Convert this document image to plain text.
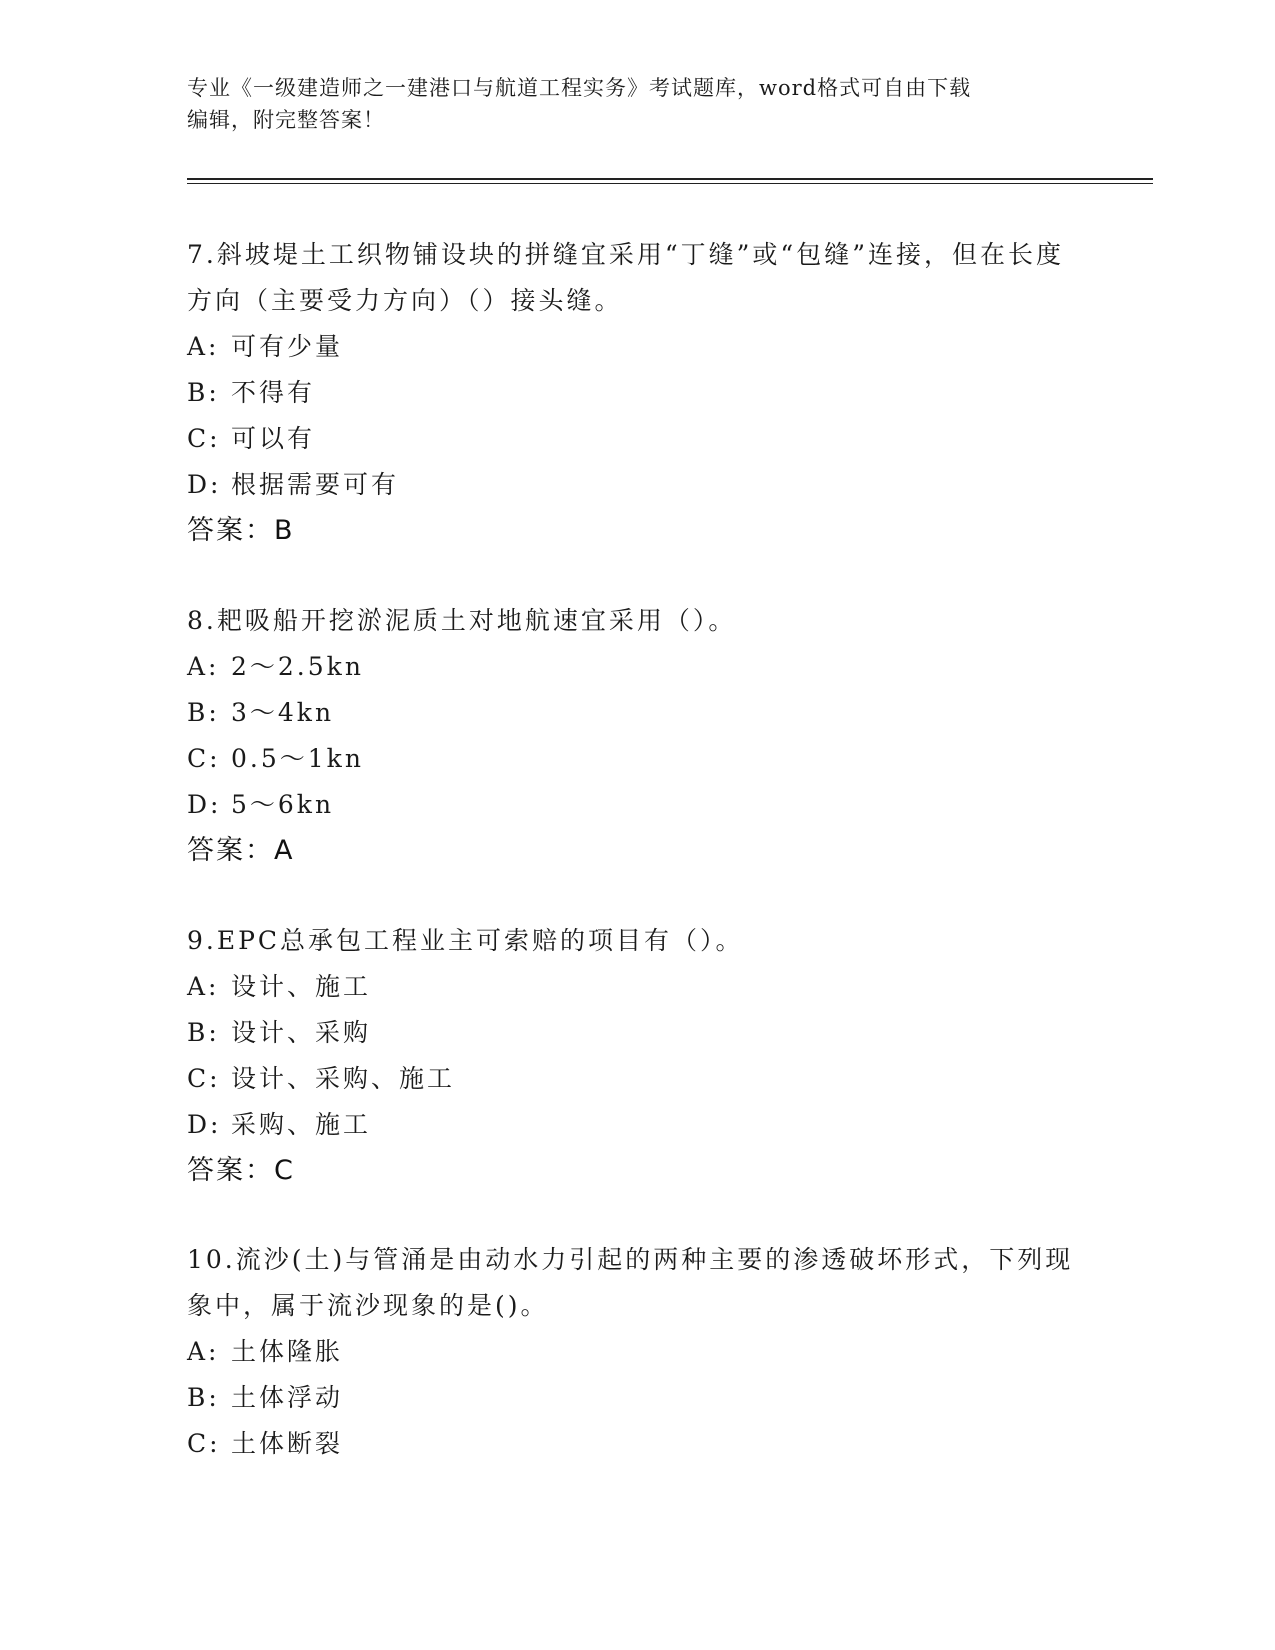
专业《一级建造师之一建港口与航道工程实务》考试题库，word格式可自由下载
编辑，附完整答案！

7.斜坡堤土工织物铺设块的拼缝宜采用“丁缝”或“包缝”连接，但在长度方向（主要受力方向）（）接头缝。

A: 可有少量

B: 不得有

C: 可以有

D: 根据需要可有

答案：B

8.耙吸船开挖淤泥质土对地航速宜采用（）。

A: 2～2.5kn

B: 3～4kn

C: 0.5～1kn

D: 5～6kn

答案：A

9.EPC总承包工程业主可索赔的项目有（）。

A: 设计、施工

B: 设计、采购

C: 设计、采购、施工

D: 采购、施工

答案：C

10.流沙(土)与管涌是由动水力引起的两种主要的渗透破坏形式，下列现象中，属于流沙现象的是()。

A: 土体隆胀

B: 土体浮动

C: 土体断裂
